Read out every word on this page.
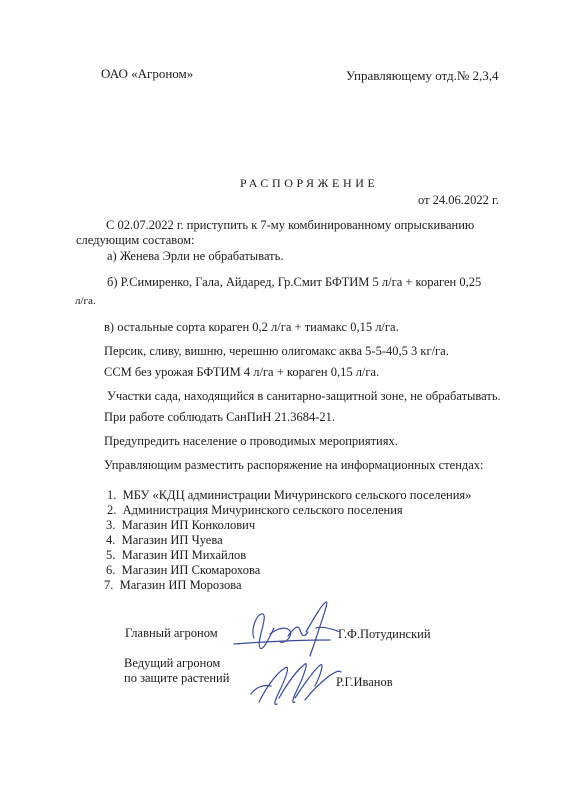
ОАО «Агроном»	Управляющему отд.№ 2,3,4
РАСПОРЯЖЕНИЕ
от 24.06.2022 г.
С 02.07.2022 г. приступить к 7-му комбинированному опрыскиванию
следующим составом:
а) Женева Эрли не обрабатывать.
б) Р.Симиренко, Гала, Айдаред, Гр.Смит БФТИМ 5 л/га + кораген 0,25
л/га.
в) остальные сорта кораген 0,2 л/га + тиамакс 0,15 л/га.
Персик, сливу, вишню, черешню олигомакс аква 5-5-40,5 3 кг/га.
ССМ без урожая БФТИМ 4 л/га + кораген 0,15 л/га.
Участки сада, находящийся в санитарно-защитной зоне, не обрабатывать.
При работе соблюдать СанПиН 21.3684-21.
Предупредить население о проводимых мероприятиях.
Управляющим разместить распоряжение на информационных стендах:
1. МБУ «КДЦ администрации Мичуринского сельского поселения»
2. Администрация Мичуринского сельского поселения
3. Магазин ИП Конколович
4. Магазин ИП Чуева
5. Магазин ИП Михайлов
6. Магазин ИП Скомарохова
7. Магазин ИП Морозова
Главный агроном	Г.Ф.Потудинский
Ведущий агроном
по защите растений	Р.Г.Иванов
